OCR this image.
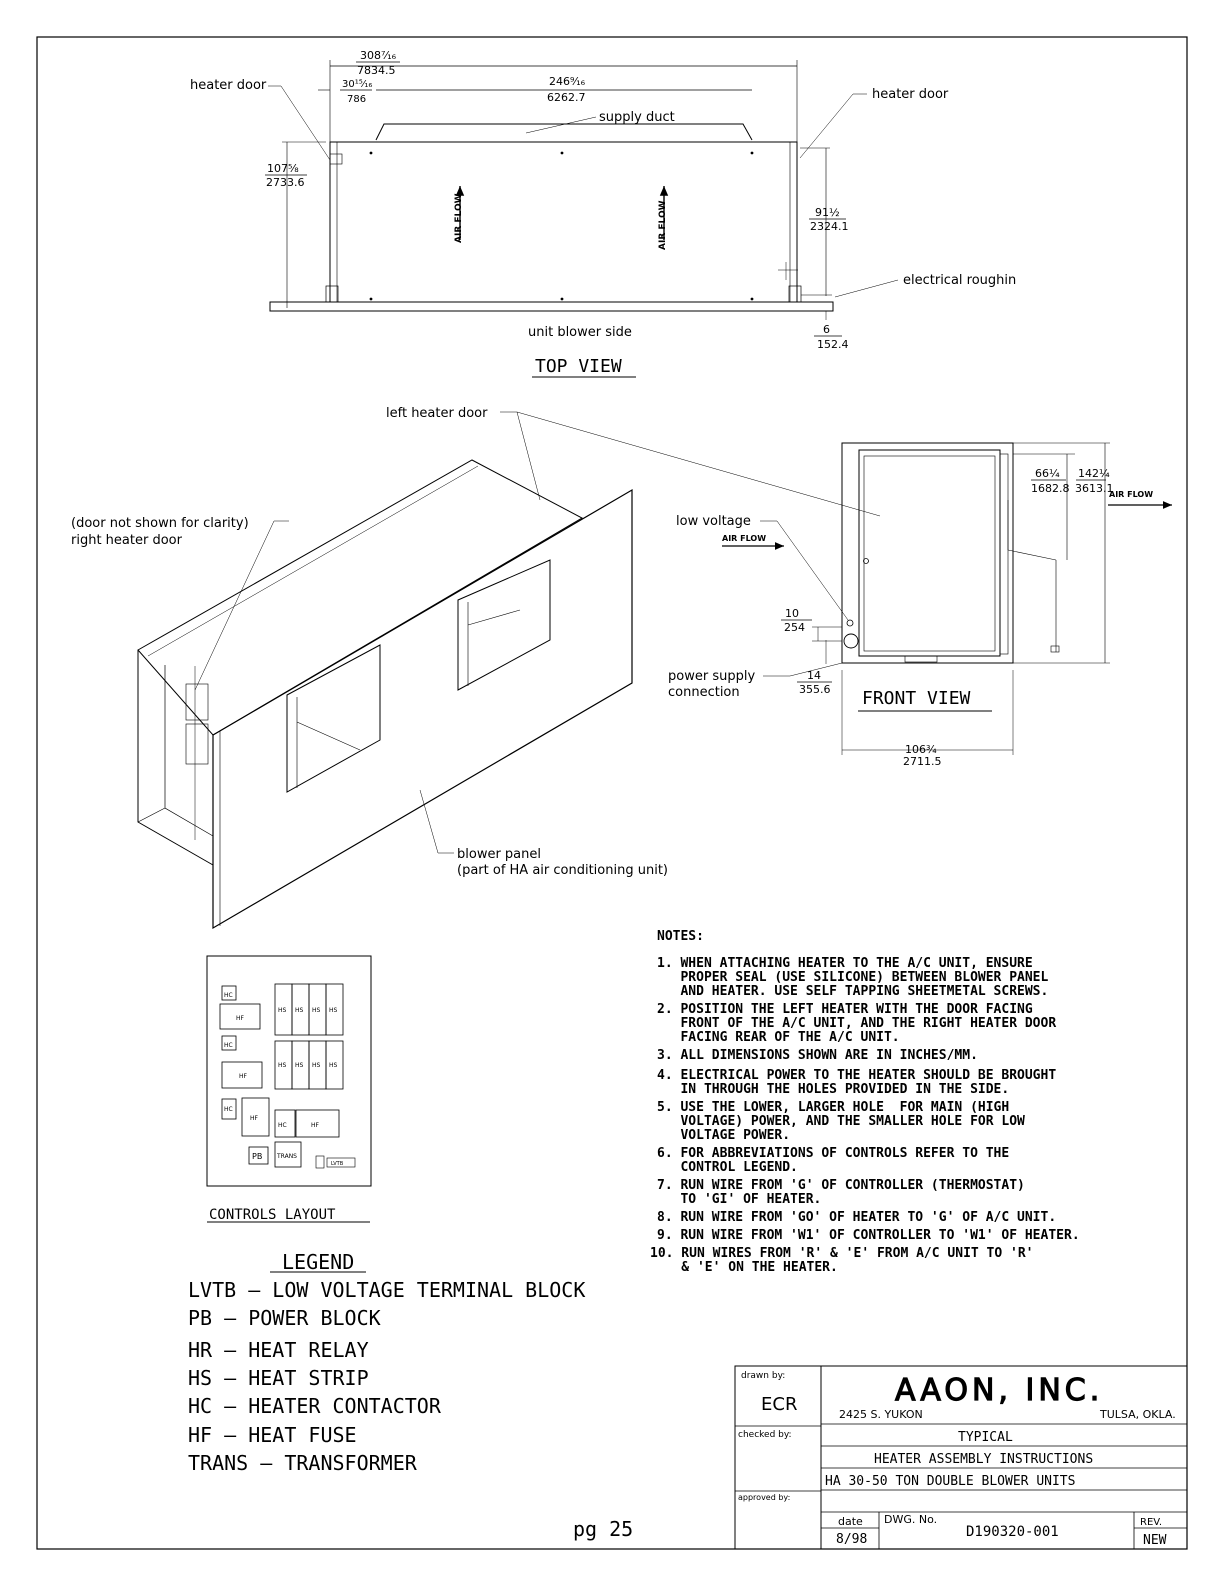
308⁷⁄₁₆
7834.5
30¹⁵⁄₁₆
786
246⁹⁄₁₆
6262.7
heater door
heater door
supply duct
107⅝
2733.6
91½
2324.1
electrical roughin
unit blower side	6
152.4
TOP VIEW
AIR FLOW	AIR FLOW
left heater door
(door not shown for clarity)
right heater door
blower panel
(part of HA air conditioning unit)
low voltage
AIR FLOW
AIR FLOW
66¼
1682.8
142¼
3613.1
10
254
14
355.6
power supply
connection	FRONT VIEW
106¾
2711.5
HC
HF
HC
HF
HC
HF
HC	HF
PB TRANS
LVTB
HS HS HS HS
HS HS HS HS
CONTROLS LAYOUT
LEGEND
LVTB – LOW VOLTAGE TERMINAL BLOCK
PB – POWER BLOCK
HR – HEAT RELAY
HS – HEAT STRIP
HC – HEATER CONTACTOR
HF – HEAT FUSE
TRANS – TRANSFORMER
NOTES:
1. WHEN ATTACHING HEATER TO THE A/C UNIT, ENSURE
PROPER SEAL (USE SILICONE) BETWEEN BLOWER PANEL
AND HEATER. USE SELF TAPPING SHEETMETAL SCREWS.
2. POSITION THE LEFT HEATER WITH THE DOOR FACING
FRONT OF THE A/C UNIT, AND THE RIGHT HEATER DOOR
FACING REAR OF THE A/C UNIT.
3. ALL DIMENSIONS SHOWN ARE IN INCHES/MM.
4. ELECTRICAL POWER TO THE HEATER SHOULD BE BROUGHT
IN THROUGH THE HOLES PROVIDED IN THE SIDE.
5. USE THE LOWER, LARGER HOLE  FOR MAIN (HIGH
VOLTAGE) POWER, AND THE SMALLER HOLE FOR LOW
VOLTAGE POWER.
6. FOR ABBREVIATIONS OF CONTROLS REFER TO THE
CONTROL LEGEND.
7. RUN WIRE FROM 'G' OF CONTROLLER (THERMOSTAT)
TO 'GI' OF HEATER.
8. RUN WIRE FROM 'GO' OF HEATER TO 'G' OF A/C UNIT.
9. RUN WIRE FROM 'W1' OF CONTROLLER TO 'W1' OF HEATER.
10. RUN WIRES FROM 'R' & 'E' FROM A/C UNIT TO 'R'
& 'E' ON THE HEATER.
drawn by:
ECR
checked by:
approved by:
AAON, INC.
2425 S. YUKON	TULSA, OKLA.
TYPICAL
HEATER ASSEMBLY INSTRUCTIONS
HA 30-50 TON DOUBLE BLOWER UNITS
date
8/98
DWG. No.
D190320-001
REV.
NEW
pg 25
